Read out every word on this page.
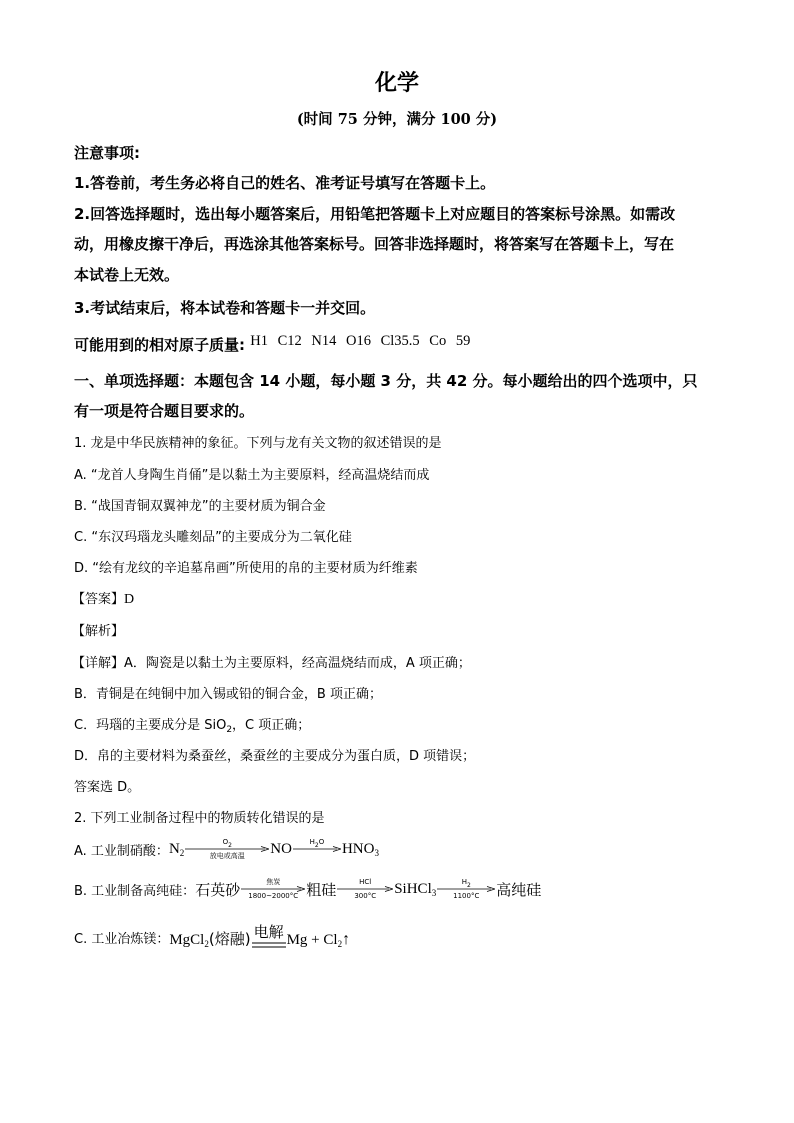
化学
(时间 75 分钟，满分 100 分)
注意事项:
1.答卷前，考生务必将自己的姓名、准考证号填写在答题卡上。
2.回答选择题时，选出每小题答案后，用铅笔把答题卡上对应题目的答案标号涂黑。如需改
动，用橡皮擦干净后，再选涂其他答案标号。回答非选择题时，将答案写在答题卡上，写在
本试卷上无效。
3.考试结束后，将本试卷和答题卡一并交回。
可能用到的相对原子质量: H1 C12 N14 O16 Cl35.5 Co 59
一、单项选择题：本题包含 14 小题，每小题 3 分，共 42 分。每小题给出的四个选项中，只
有一项是符合题目要求的。
1. 龙是中华民族精神的象征。下列与龙有关文物的叙述错误的是
A. “龙首人身陶生肖俑”是以黏土为主要原料，经高温烧结而成
B. “战国青铜双翼神龙”的主要材质为铜合金
C. “东汉玛瑙龙头雕刻品”的主要成分为二氧化硅
D. “绘有龙纹的辛追墓帛画”所使用的帛的主要材质为纤维素
【答案】D
【解析】
【详解】A．陶瓷是以黏土为主要原料，经高温烧结而成，A 项正确；
B．青铜是在纯铜中加入锡或铅的铜合金，B 项正确；
C．玛瑙的主要成分是 SiO$_2$，C 项正确；
D．帛的主要材料为桑蚕丝，桑蚕丝的主要成分为蛋白质，D 项错误；
答案选 D。
2. 下列工业制备过程中的物质转化错误的是
A. 工业制硝酸： $N_2$
$O_2$
放电或高温 NO	$H_2O$ $HNO_3$
B. 工业制备高纯硅： 石英砂	焦炭
1800~2000°C 粗硅	HCl
300°C SiHCl$_3$
$H_2$
1100°C 高纯硅
C. 工业冶炼镁： MgCl$_2$ (熔融) 电解 $Mg + Cl_2$ ↑
